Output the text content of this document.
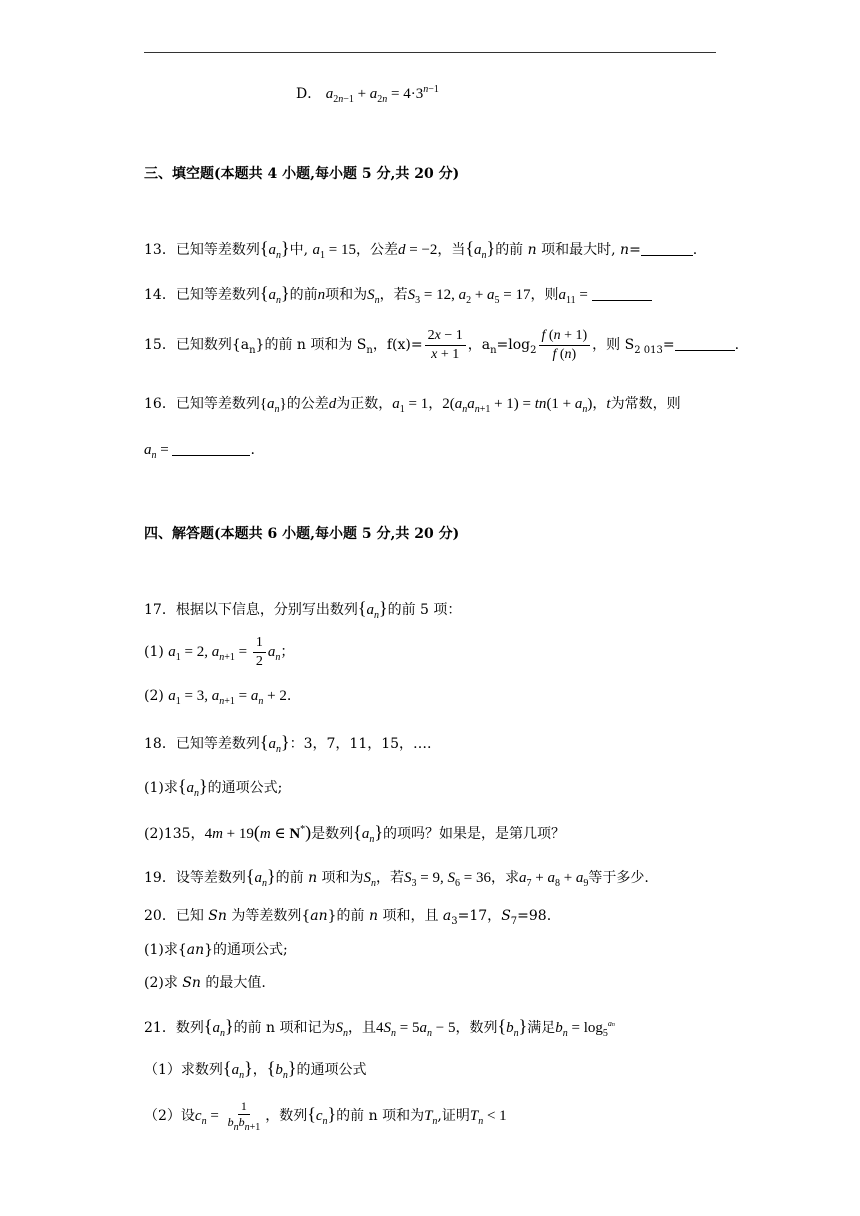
D． $a_{2n-1} + a_{2n} = 4\cdot 3^{n-1}$
三、填空题(本题共 4 小题,每小题 5 分,共 20 分)
13．已知等差数列$\{a_n\}$中, $a_1 = 15$，公差d = −2，当$\{a_n\}$的前 n 项和最大时, n=	.
14．已知等差数列$\{a_n\}$的前n项和为$S_n$，若$S_3 = 12$, $a_2 + a_5 = 17$，则$a_{11}$ =
15．已知数列$\{a_n\}$的前 n 项和为 $S_n$，$f(x)= \frac{2x - 1}{x + 1}$ ，$a_n=\log_2 \frac{f (n + 1)}{f (n)}$ ，则 $S_{2 013}=$	.
16．已知等差数列$\{a_n\}$的公差d为正数，$a_1 = 1$，$2(a_na_{n+1} + 1) = tn(1 + a_n)$，t为常数，则
$a_n$ =	.
四、解答题(本题共 6 小题,每小题 5 分,共 20 分)
17．根据以下信息，分别写出数列$\{a_n\}$的前 5 项：
(1) $a_1 = 2$, $a_{n+1} = \frac{1}{2} a_n$；
(2) $a_1 = 3$, $a_{n+1} = a_n + 2$.
18．已知等差数列$\{a_n\}$：3，7，11，15，….
(1)求$\{a_n\}$的通项公式;
(2)135，4m + 19(m ∈ N*)是数列$\{a_n\}$的项吗？如果是，是第几项？
19．设等差数列$\{a_n\}$的前 n 项和为$S_n$，若$S_3 = 9$, $S_6 = 36$，求$a_7 + a_8 + a_9$等于多少.
20．已知 Sn 为等差数列{an}的前 n 项和，且 $a_3=17$，$S_7=98$.
(1)求{an}的通项公式;
(2)求 Sn 的最大值.
21．数列$\{a_n\}$的前 n 项和记为$S_n$，且$4S_n = 5a_n - 5$，数列$\{b_n\}$满足$b_n = \log_5^{an}$
（1）求数列$\{a_n\}$，$\{b_n\}$的通项公式
（2）设$c_n = \frac{1}{b_nb_{n+1}}$ ，数列$\{c_n\}$的前 n 项和为$T_n$,证明$T_n < 1$
